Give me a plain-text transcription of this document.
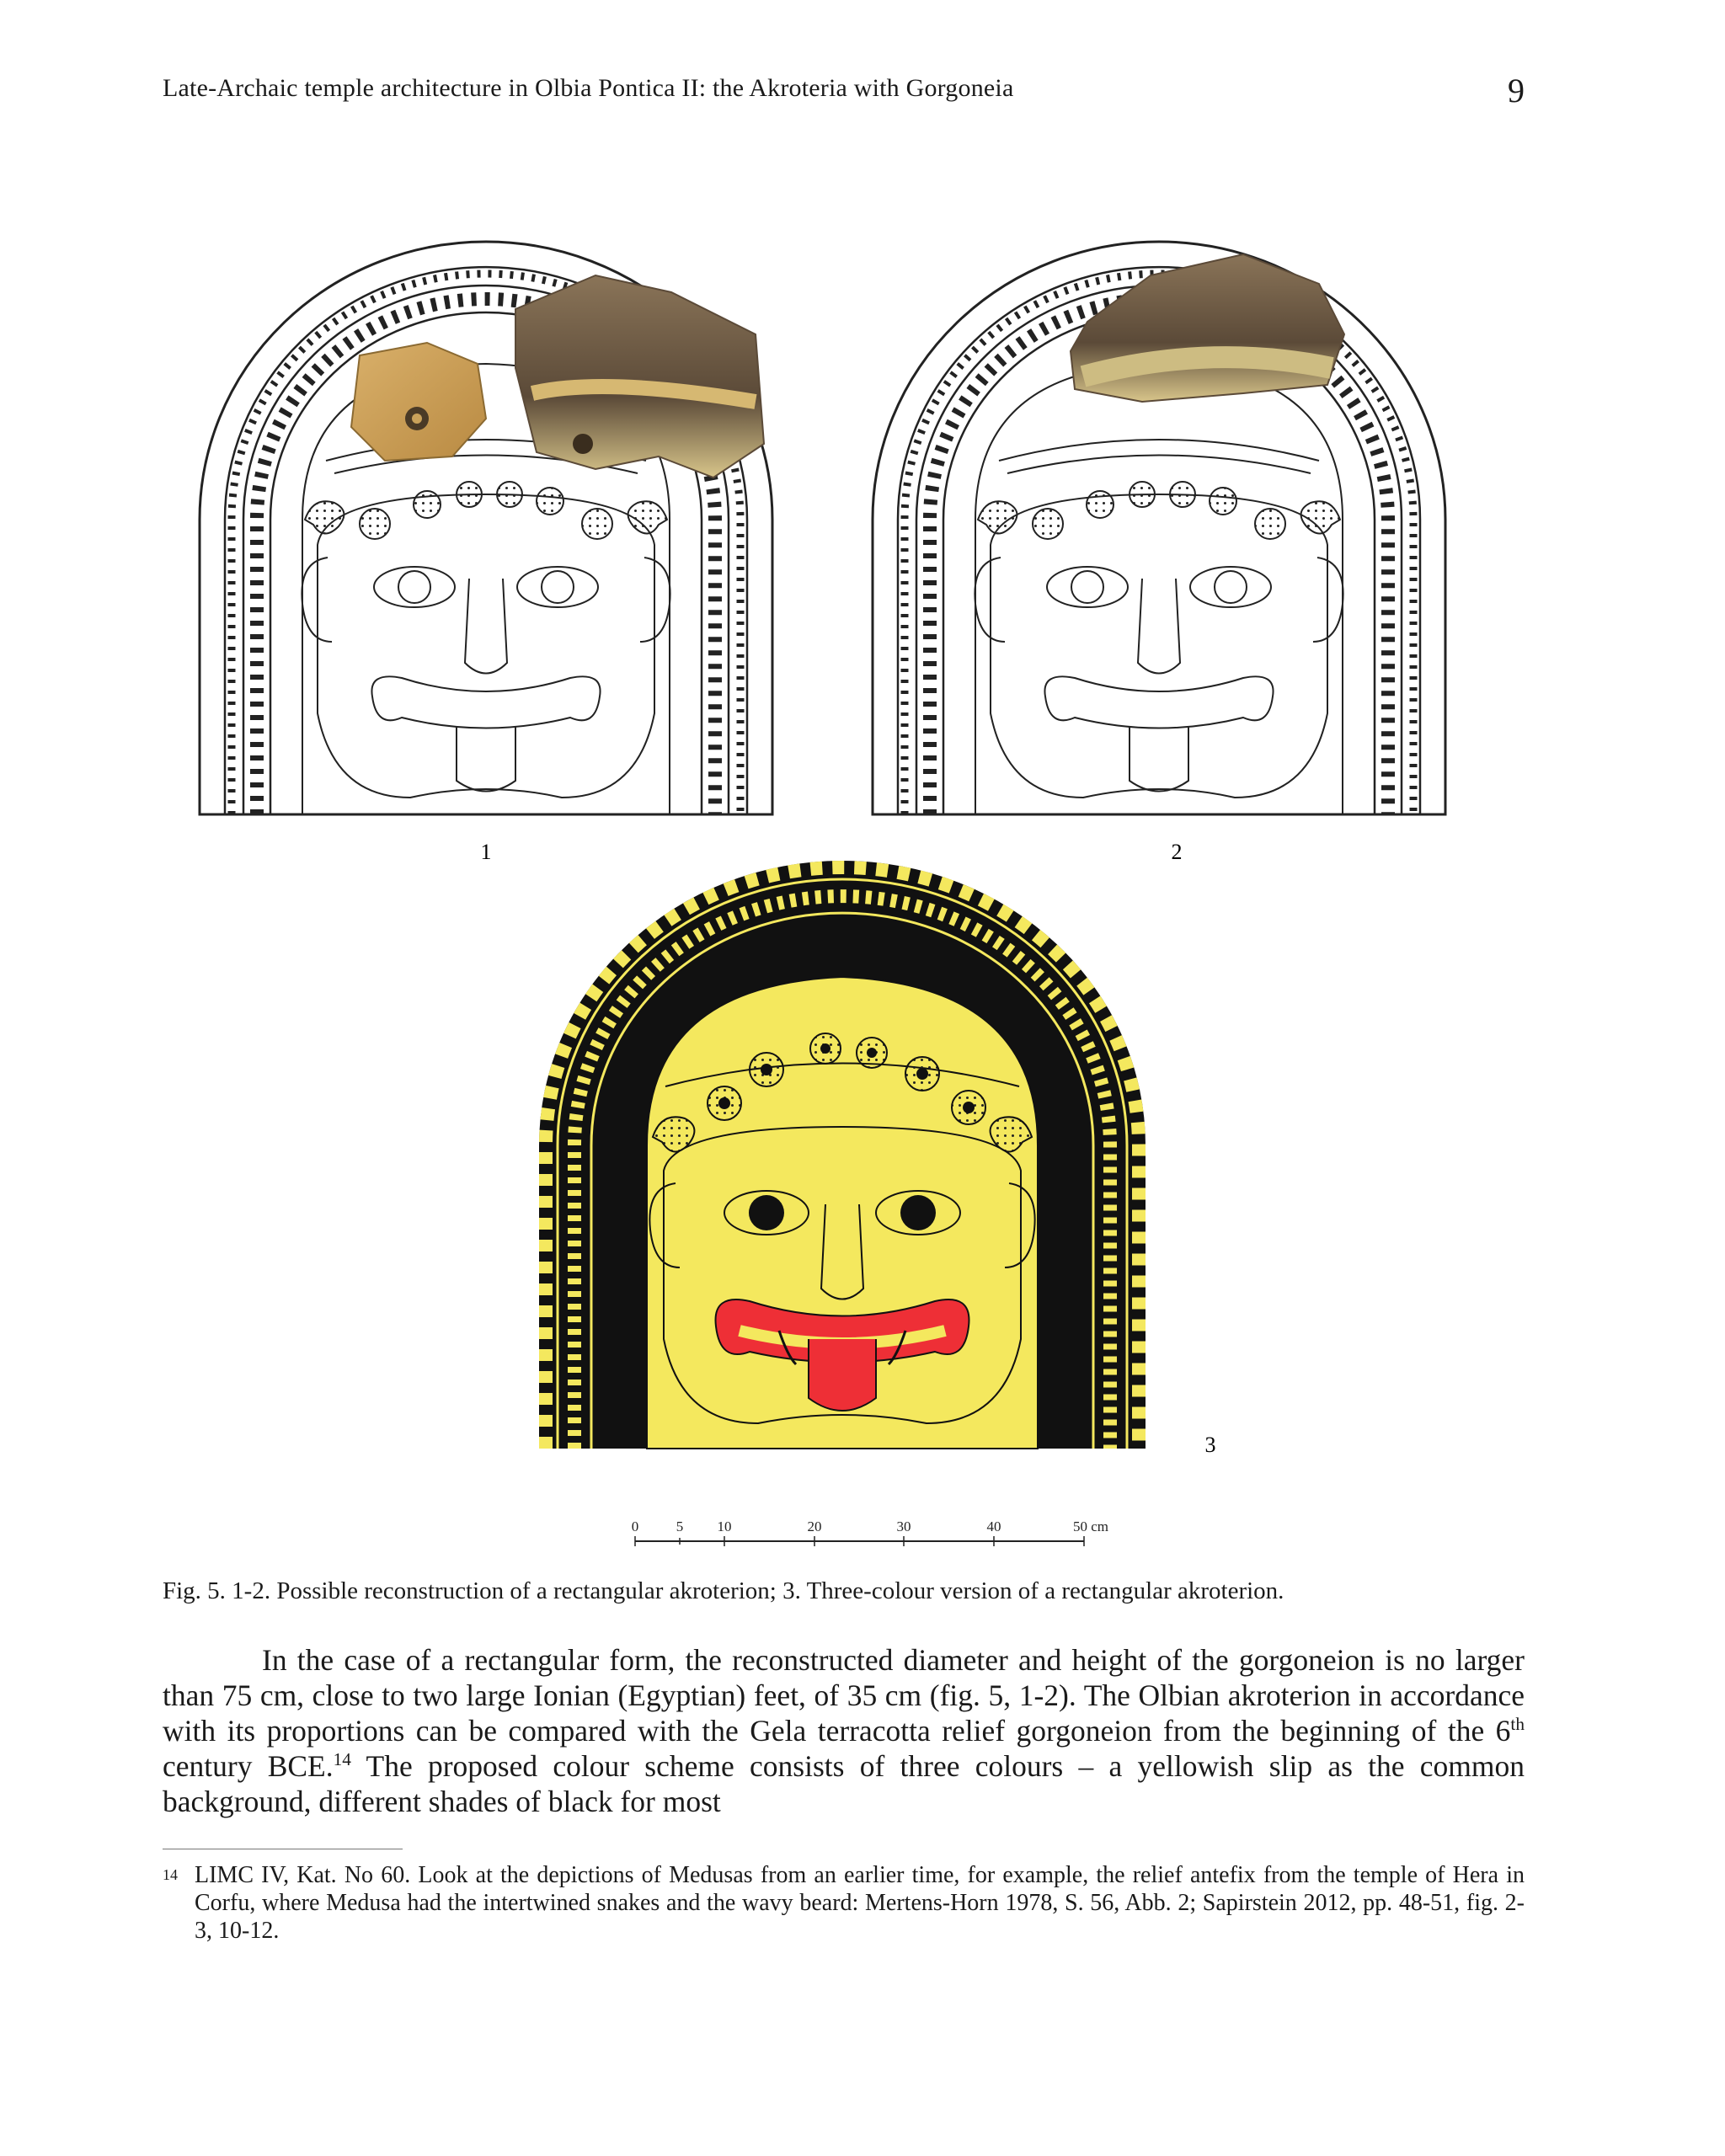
Late-Archaic temple architecture in Olbia Pontica II: the Akroteria with Gorgoneia	9
1	2
3
0	5 10	20	30	40	50 cm
Fig. 5. 1-2. Possible reconstruction of a rectangular akroterion; 3. Three-colour version of a rectangular akroterion.

In the case of a rectangular form, the reconstructed diameter and height of the gorgoneion is no larger than 75 cm, close to two large Ionian (Egyptian) feet, of 35 cm (fig. 5, 1-2). The Olbian akroterion in accordance with its proportions can be compared with the Gela terracotta relief gorgoneion from the beginning of the 6th century BCE.$^{14}$ The proposed colour scheme consists of three colours – a yellowish slip as the common background, different shades of black for most

14 LIMC IV, Kat. No 60. Look at the depictions of Medusas from an earlier time, for example, the relief antefix from the temple of Hera in Corfu, where Medusa had the intertwined snakes and the wavy beard: Mertens-Horn 1978, S. 56, Abb. 2; Sapirstein 2012, pp. 48-51, fig. 2-3, 10-12.
